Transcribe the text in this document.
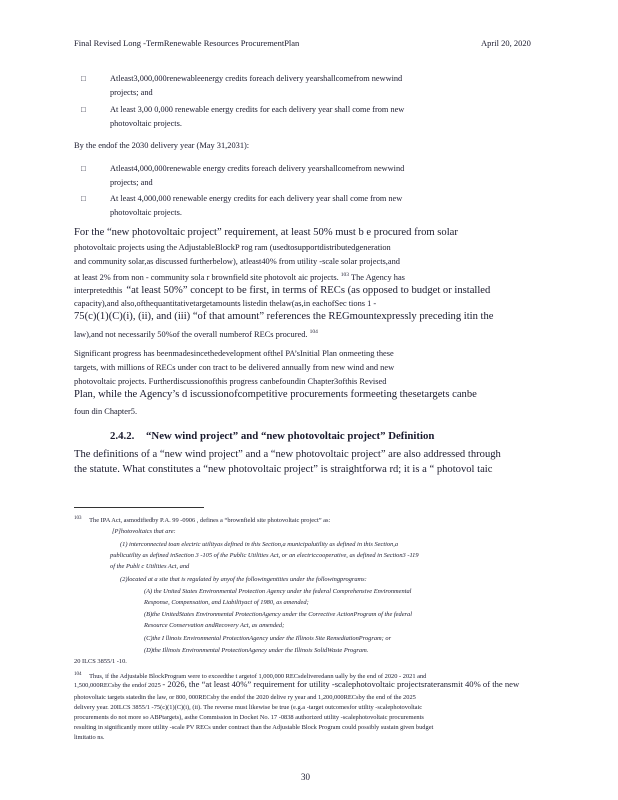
Final Revised Long -TermRenewable Resources ProcurementPlan	April 20, 2020
□	Atleast3,000,000renewableenergy credits foreach delivery yearshallcomefrom newwind
projects; and
□	At least 3,00 0,000 renewable energy credits for each delivery year shall come from new
photovoltaic projects.
By the endof the 2030 delivery year (May 31,2031):
□	Atleast4,000,000renewable energy credits foreach delivery yearshallcomefrom newwind
projects; and
□	At least 4,000,000 renewable energy credits for each delivery year shall come from new
photovoltaic projects.
For the “new photovoltaic project” requirement, at least 50% must b e procured from solar
photovoltaic projects using the AdjustableBlockP rog ram (usedtosupportdistributedgeneration
and community solar,as discussed furtherbelow), atleast40% from utility -scale solar projects,and
at least 2% from non - community sola r brownfield site photovolt aic projects. $^{103}$ The Agency has
interpretedthis “at least 50%” concept to be first, in terms of RECs (as opposed to budget or installed
capacity),and also,ofthequantitativetargetamounts listedin thelaw(as,in eachofSec tions 1 -
75(c)(1)(C)(i), (ii), and (iii) “of that amount” references the REGmountexpressly preceding itin the
law),and not necessarily 50%of the overall numberof RECs procured. $^{104}$
Significant progress has beenmadesincethedevelopment oftheI PA’sInitial Plan onmeeting these
targets, with millions of RECs under con tract to be delivered annually from new wind and new
photovoltaic projects. Furtherdiscussionofthis progress canbefoundin Chapter3ofthis Revised
Plan, while the Agency’s d iscussionofcompetitive procurements formeeting thesetargets canbe
foun din Chapter5.
2.4.2. “New wind project” and “new photovoltaic project” Definition
The definitions of a “new wind project” and a “new photovoltaic project” are also addressed through
the statute. What constitutes a “new photovoltaic project” is straightforwa rd; it is a “ photovol taic
$^{103}$ The IPA Act, asmodifiedby P.A. 99 -0906 , defines a “brownfield site photovoltaic project” as:
[P]hotovoltaics that are:
(1) interconnected toan electric utilityas defined in this Section,a municipalutility as defined in this Section,a
publicutility as defined inSection 3 -105 of the Public Utilities Act, or an electriccooperative, as defined in Section3 -119
of the Publi c Utilities Act, and
(2)located at a site that is regulated by anyof the followingentities under the followingprograms:
(A) the United States Environmental Protection Agency under the federal Comprehensive Environmental
Response, Compensation, and Liabilityact of 1980, as amended;
(B)the UnitedStates Environmental ProtectionAgency under the Corrective ActionProgram of the federal
Resource Conservation andRecovery Act, as amended;
(C)the I llinois Environmental ProtectionAgency under the Illinois Site RemediationProgram; or
(D)the Illinois Environmental ProtectionAgency under the Illinois SolidWaste Program.
20 ILCS 3855/1 -10.
$^{104}$ Thus, if the Adjustable BlockProgram were to exceedthe t argetof 1,000,000 RECsdeliveredann ually by the end of 2020 - 2021 and
1,500,000RECsby the endof 2025 - 2026, the “at least 40%” requirement for utility -scalephotovoltaic projectsrateransmit 40% of the new
photovoltaic targets statedin the law, or 800, 000RECsby the endof the 2020 delive ry year and 1,200,000RECsby the end of the 2025
delivery year. 20ILCS 3855/1 -75(c)(1)(C)(i), (ii). The reverse must likewise be true (e.g.a -target outcomesfor utility -scalephotovoltaic
procurements do not more so ABPtargets), asthe Commission in Docket No. 17 -0838 authorized utility -scalephotovoltaic procurements
resulting in significantly more utility -scale PV RECs under contract than the Adjustable Block Program could possibly sustain given budget
limitatio ns.
30
